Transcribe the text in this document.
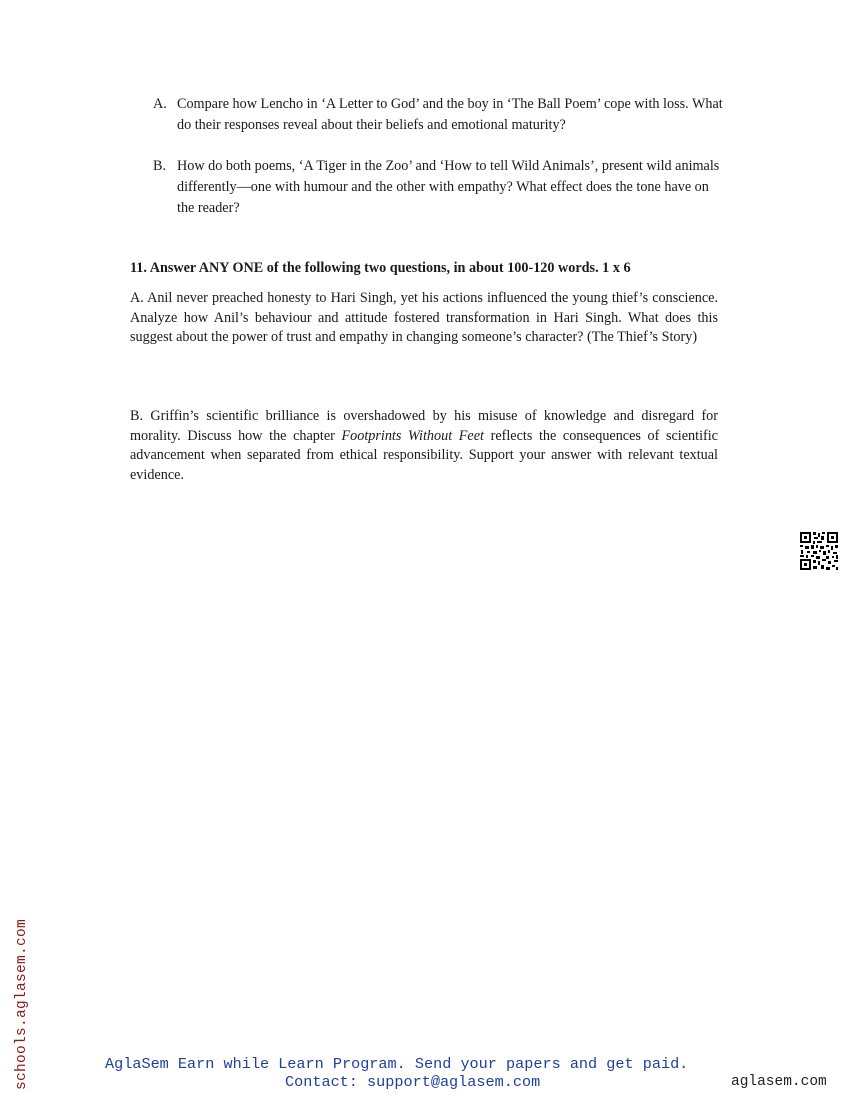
A. Compare how Lencho in ‘A Letter to God’ and the boy in ‘The Ball Poem’ cope with loss. What do their responses reveal about their beliefs and emotional maturity?
B. How do both poems, ‘A Tiger in the Zoo’ and ‘How to tell Wild Animals’, present wild animals differently—one with humour and the other with empathy? What effect does the tone have on the reader?
11. Answer ANY ONE of the following two questions, in about 100-120 words. 1 x 6
A. Anil never preached honesty to Hari Singh, yet his actions influenced the young thief’s conscience. Analyze how Anil’s behaviour and attitude fostered transformation in Hari Singh. What does this suggest about the power of trust and empathy in changing someone’s character? (The Thief’s Story)
B. Griffin’s scientific brilliance is overshadowed by his misuse of knowledge and disregard for morality. Discuss how the chapter Footprints Without Feet reflects the consequences of scientific advancement when separated from ethical responsibility. Support your answer with relevant textual evidence.
schools.aglasem.com	AglaSem Earn while Learn Program. Send your papers and get paid.
Contact: support@aglasem.com	aglasem.com
